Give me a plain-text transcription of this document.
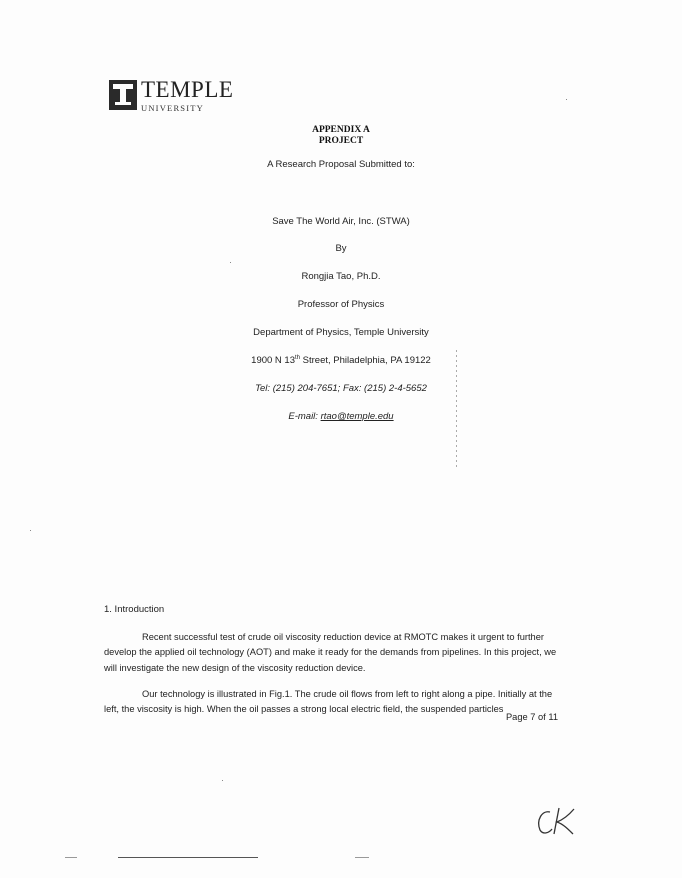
TEMPLE
UNIVERSITY
APPENDIX A
PROJECT
A Research Proposal Submitted to:
Save The World Air, Inc. (STWA)
By
Rongjia Tao, Ph.D.
Professor of Physics
Department of Physics, Temple University
1900 N 13th Street, Philadelphia, PA 19122
Tel: (215) 204-7651; Fax: (215) 2-4-5652
E-mail: rtao@temple.edu
1. Introduction

Recent successful test of crude oil viscosity reduction device at RMOTC makes it urgent to further develop the applied oil technology (AOT) and make it ready for the demands from pipelines. In this project, we will investigate the new design of the viscosity reduction device.

Our technology is illustrated in Fig.1. The crude oil flows from left to right along a pipe. Initially at the left, the viscosity is high. When the oil passes a strong local electric field, the suspended particles

Page 7 of 11
